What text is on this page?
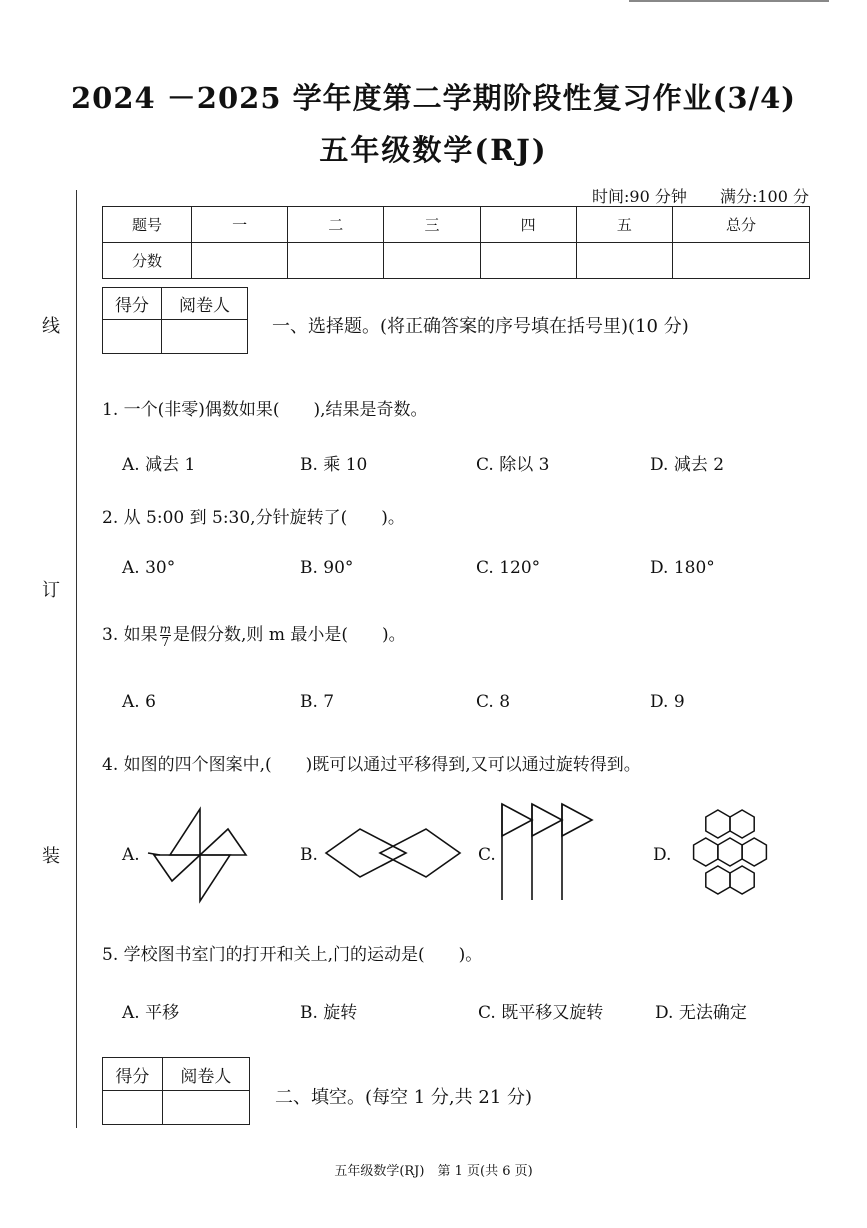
2024 －2025 学年度第二学期阶段性复习作业(3/4)
五年级数学(RJ)
时间:90 分钟 满分:100 分
线
订
装
题号	一	二	三	四	五	总分
分数						
得分	阅卷人

一、选择题。(将正确答案的序号填在括号里)(10 分)
1. 一个(非零)偶数如果(　　),结果是奇数。
A. 减去 1	B. 乘 10	C. 除以 3	D. 减去 2
2. 从 5:00 到 5:30,分针旋转了(　　)。
A. 30°	B. 90°	C. 120°	D. 180°
3. 如果 $\frac{m}{7}$ 是假分数,则 m 最小是(　　)。
A. 6	B. 7	C. 8	D. 9
4. 如图的四个图案中,(　　)既可以通过平移得到,又可以通过旋转得到。
A.	B.	C.	D.
5. 学校图书室门的打开和关上,门的运动是(　　)。
A. 平移	B. 旋转	C. 既平移又旋转	D. 无法确定
得分	阅卷人

二、填空。(每空 1 分,共 21 分)
五年级数学(RJ)　第 1 页(共 6 页)
